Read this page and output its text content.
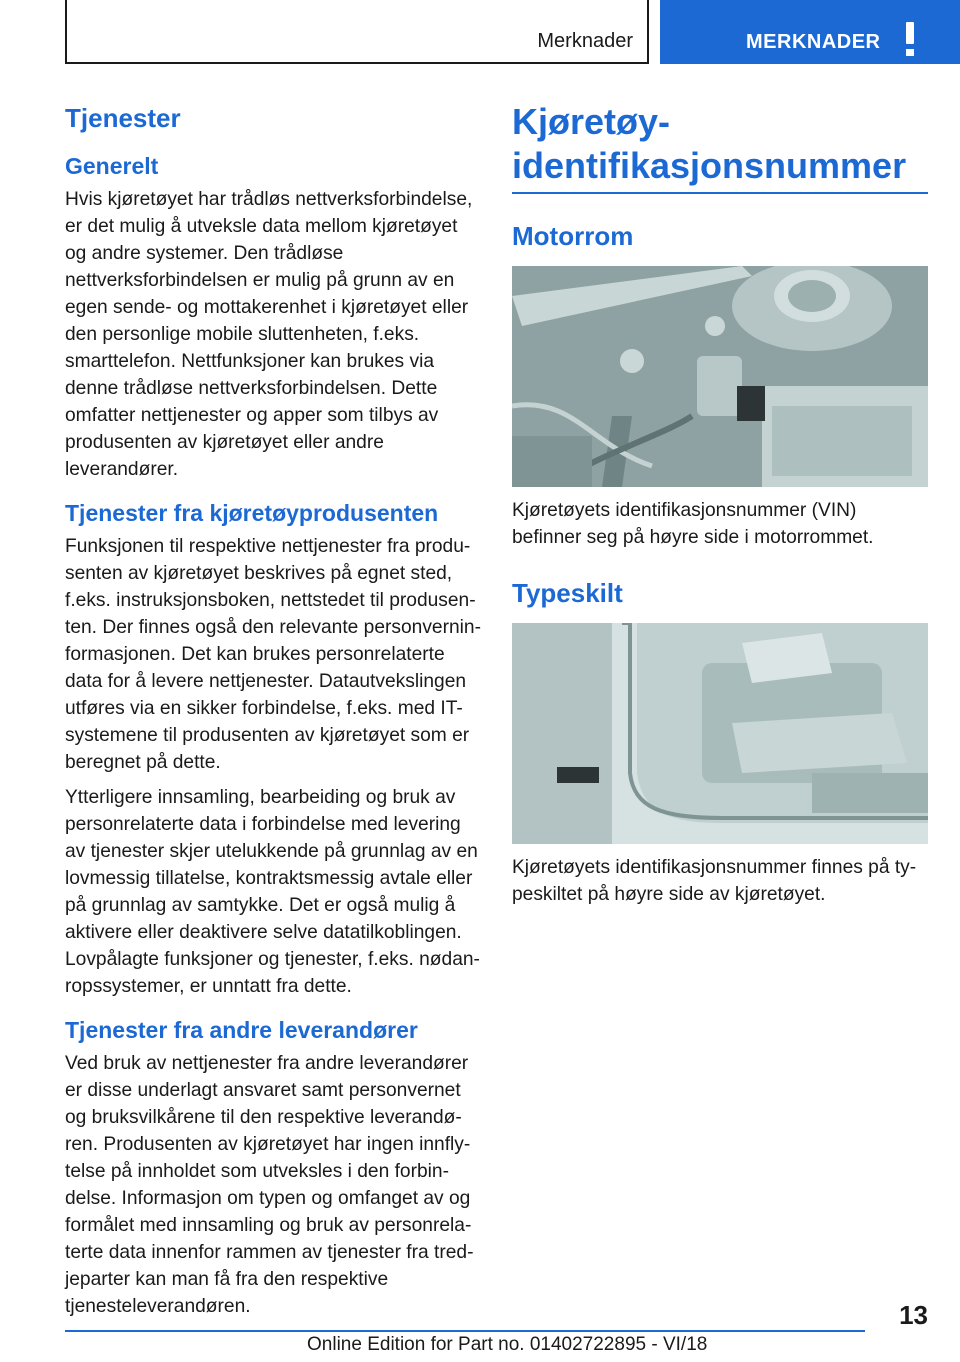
Merknader	MERKNADER
Tjenester
Generelt

Hvis kjøretøyet har trådløs nettverksforbindelse, er det mulig å utveksle data mellom kjøretøyet og andre systemer. Den trådløse nettverksforbindelsen er mulig på grunn av en egen sende- og mottakerenhet i kjøretøyet eller den personlige mobile sluttenheten, f.eks. smarttelefon. Nettfunksjoner kan brukes via denne trådløse nettverksforbindelsen. Dette omfatter nettjenester og apper som tilbys av produsenten av kjøretøyet eller andre leverandører.

Tjenester fra kjøretøyprodusenten

Funksjonen til respektive nettjenester fra produsenten av kjøretøyet beskrives på egnet sted, f.eks. instruksjonsboken, nettstedet til produsenten. Der finnes også den relevante personverninformasjonen. Det kan brukes personrelaterte data for å levere nettjenester. Datautvekslingen utføres via en sikker forbindelse, f.eks. med IT-systemene til produsenten av kjøretøyet som er beregnet på dette.

Ytterligere innsamling, bearbeiding og bruk av personrelaterte data i forbindelse med levering av tjenester skjer utelukkende på grunnlag av en lovmessig tillatelse, kontraktsmessig avtale eller på grunnlag av samtykke. Det er også mulig å aktivere eller deaktivere selve datatilkoblingen. Lovpålagte funksjoner og tjenester, f.eks. nødanropssystemer, er unntatt fra dette.

Tjenester fra andre leverandører

Ved bruk av nettjenester fra andre leverandører er disse underlagt ansvaret samt personvernet og bruksvilkårene til den respektive leverandøren. Produsenten av kjøretøyet har ingen innflytelse på innholdet som utveksles i den forbindelse. Informasjon om typen og omfanget av og formålet med innsamling og bruk av personrelaterte data innenfor rammen av tjenester fra tredjeparter kan man få fra den respektive tjenesteleverandøren.

Kjøretøy-identifikasjonsnummer
Motorrom

Kjøretøyets identifikasjonsnummer (VIN) befinner seg på høyre side i motorrommet.

Typeskilt

Kjøretøyets identifikasjonsnummer finnes på typeskiltet på høyre side av kjøretøyet.

13
Online Edition for Part no. 01402722895 - VI/18
